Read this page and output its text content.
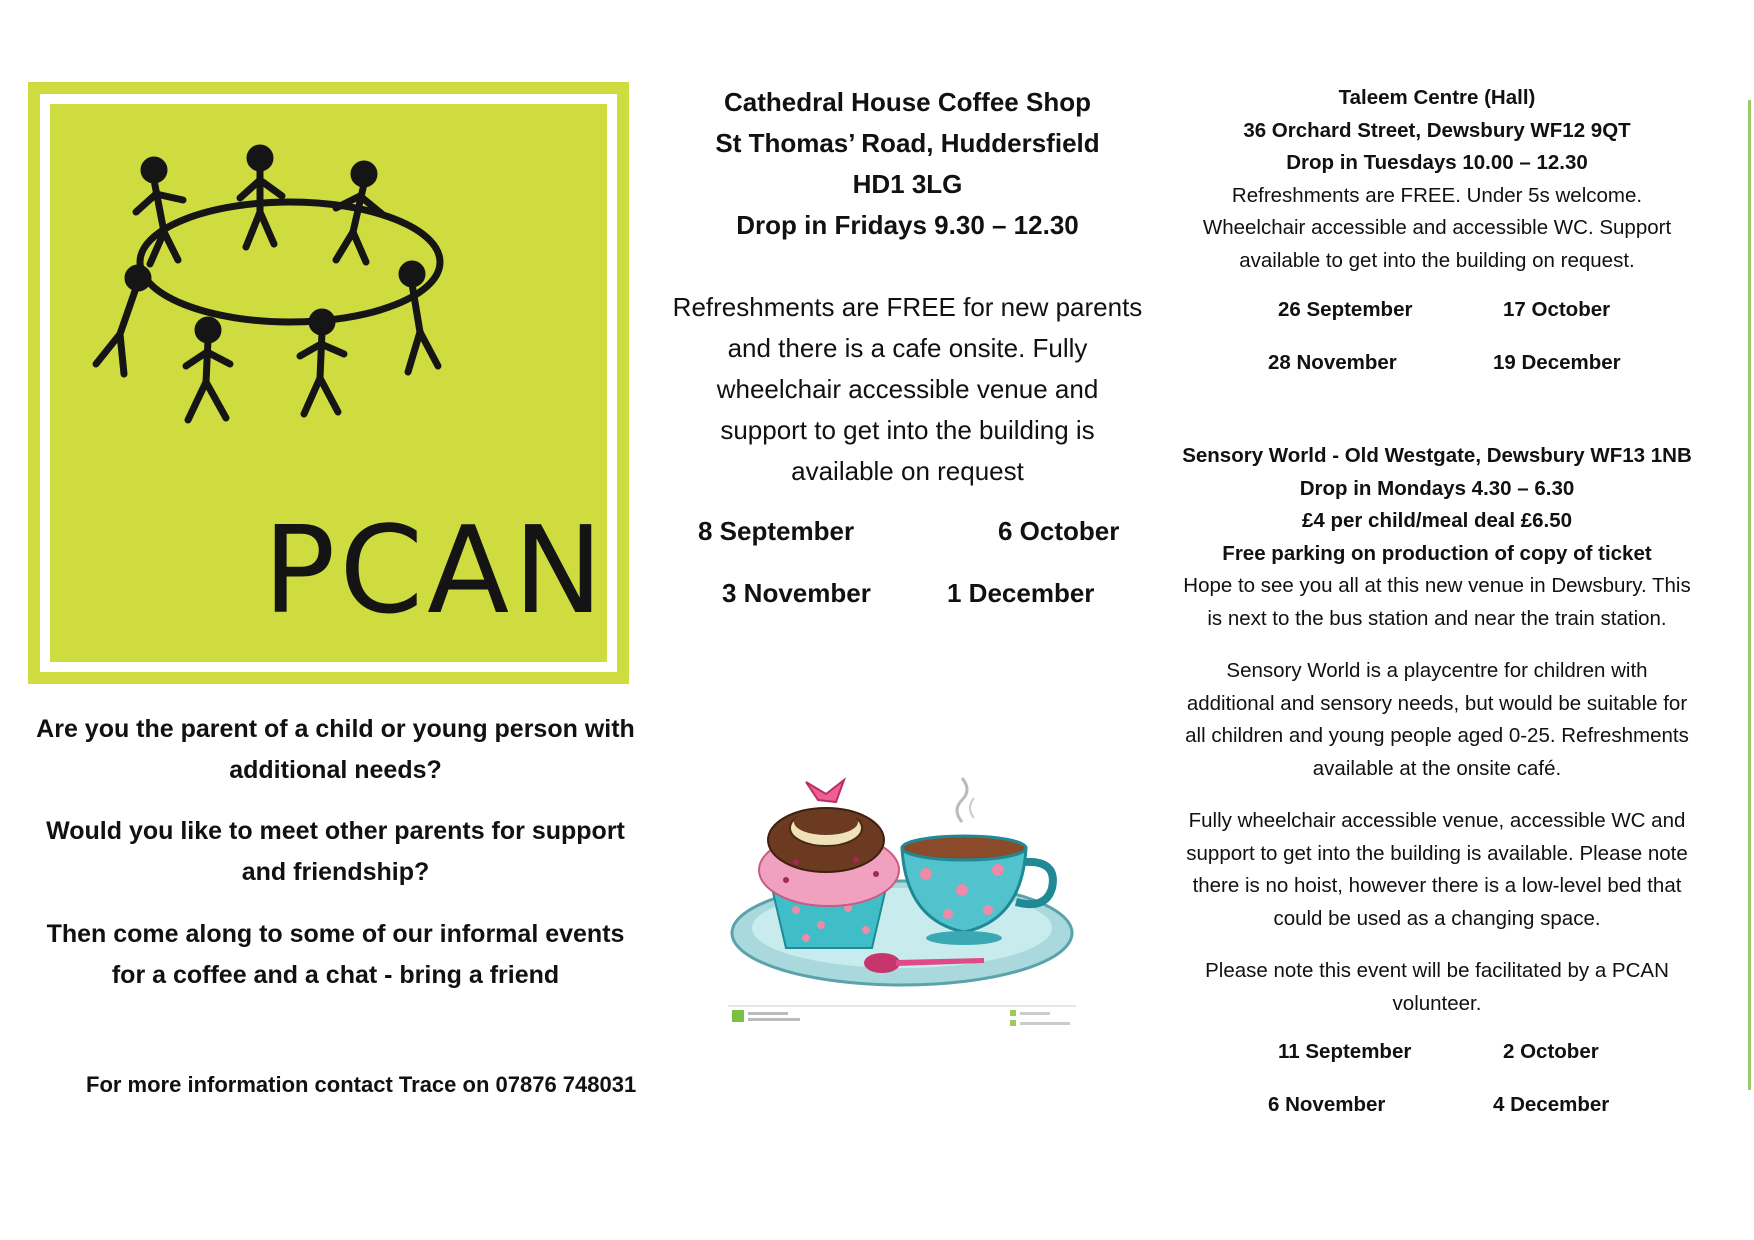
PCAN
Are you the parent of a child or young person with additional needs?
Would you like to meet other parents for support and friendship?
Then come along to some of our informal events for a coffee and a chat - bring a friend
For more information contact Trace on 07876 748031
Cathedral House Coffee Shop
St Thomas’ Road, Huddersfield
HD1 3LG
Drop in Fridays 9.30 – 12.30
Refreshments are FREE for new parents
and there is a cafe onsite. Fully
wheelchair accessible venue and
support to get into the building is
available on request
8 September	6 October
3 November	1 December
Taleem Centre (Hall)
36 Orchard Street, Dewsbury WF12 9QT
Drop in Tuesdays 10.00 – 12.30
Refreshments are FREE. Under 5s welcome.
Wheelchair accessible and accessible WC. Support
available to get into the building on request.
26 September	17 October
28 November	19 December
Sensory World - Old Westgate, Dewsbury WF13 1NB
Drop in Mondays 4.30 – 6.30
£4 per child/meal deal £6.50
Free parking on production of copy of ticket
Hope to see you all at this new venue in Dewsbury. This
is next to the bus station and near the train station.
Sensory World is a playcentre for children with
additional and sensory needs, but would be suitable for
all children and young people aged 0-25. Refreshments
available at the onsite café.
Fully wheelchair accessible venue, accessible WC and
support to get into the building is available. Please note
there is no hoist, however there is a low-level bed that
could be used as a changing space.
Please note this event will be facilitated by a PCAN
volunteer.
11 September	2 October
6 November	4 December
